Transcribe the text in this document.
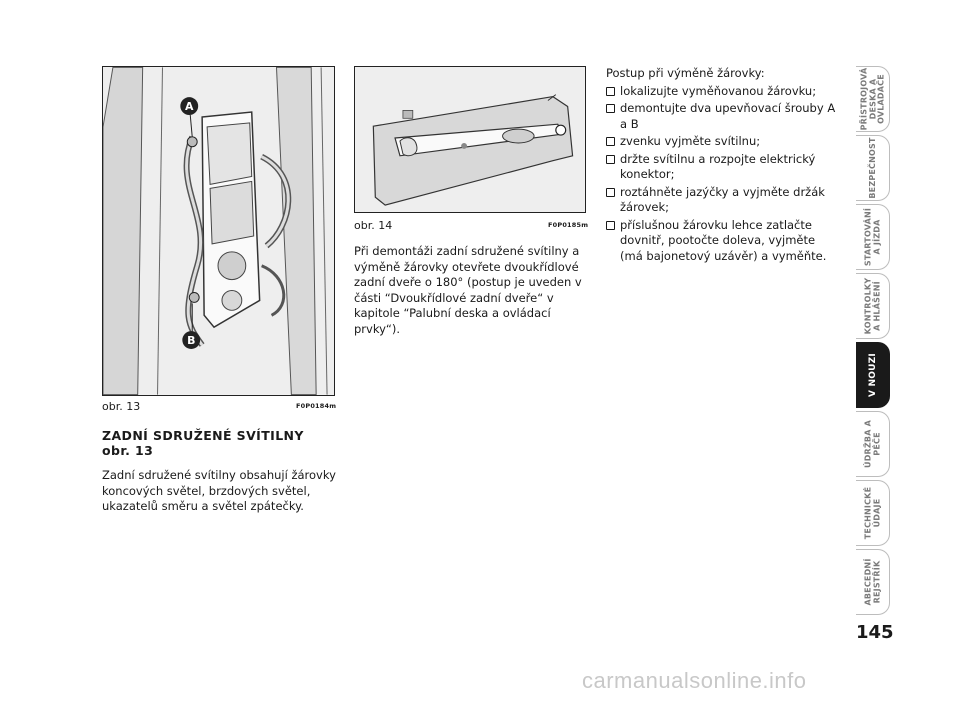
A
B
obr. 13	F0P0184m
obr. 14	F0P0185m
ZADNÍ SDRUŽENÉ SVÍTILNY
obr. 13
Zadní sdružené svítilny obsahují žárovky koncových světel, brzdových světel, ukazatelů směru a světel zpátečky.
Při demontáži zadní sdružené svítilny a výměně žárovky otevřete dvoukřídlové zadní dveře o 180° (postup je uveden v části “Dvoukřídlové zadní dveře“ v kapitole “Palubní deska a ovládací prvky“).
Postup při výměně žárovky:
lokalizujte vyměňovanou žárovku;
demontujte dva upevňovací šrouby A a B
zvenku vyjměte svítilnu;
držte svítilnu a rozpojte elektrický konektor;
roztáhněte jazýčky a vyjměte držák žárovek;
příslušnou žárovku lehce zatlačte dovnitř, pootočte doleva, vyjměte (má bajonetový uzávěr) a vyměňte.
PŘÍSTROJOVÁ
DESKA A
OVLADAČE
BEZPEČNOST
STARTOVÁNÍ
A JÍZDA
KONTROLKY
A HLÁŠENÍ
V NOUZI
ÚDRŽBA A
PÉČE
TECHNICKÉ
ÚDAJE
ABECEDNÍ
REJSTŘÍK
145
carmanualsonline.info
